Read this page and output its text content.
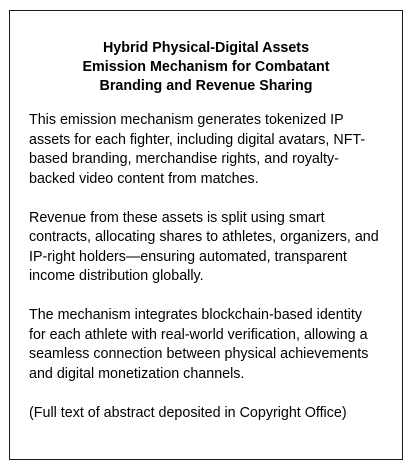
Hybrid Physical-Digital Assets
Emission Mechanism for Combatant
Branding and Revenue Sharing
This emission mechanism generates tokenized IP
assets for each fighter, including digital avatars, NFT-
based branding, merchandise rights, and royalty-
backed video content from matches.
Revenue from these assets is split using smart
contracts, allocating shares to athletes, organizers, and
IP-right holders—ensuring automated, transparent
income distribution globally.
The mechanism integrates blockchain-based identity
for each athlete with real-world verification, allowing a
seamless connection between physical achievements
and digital monetization channels.
(Full text of abstract deposited in Copyright Office)
